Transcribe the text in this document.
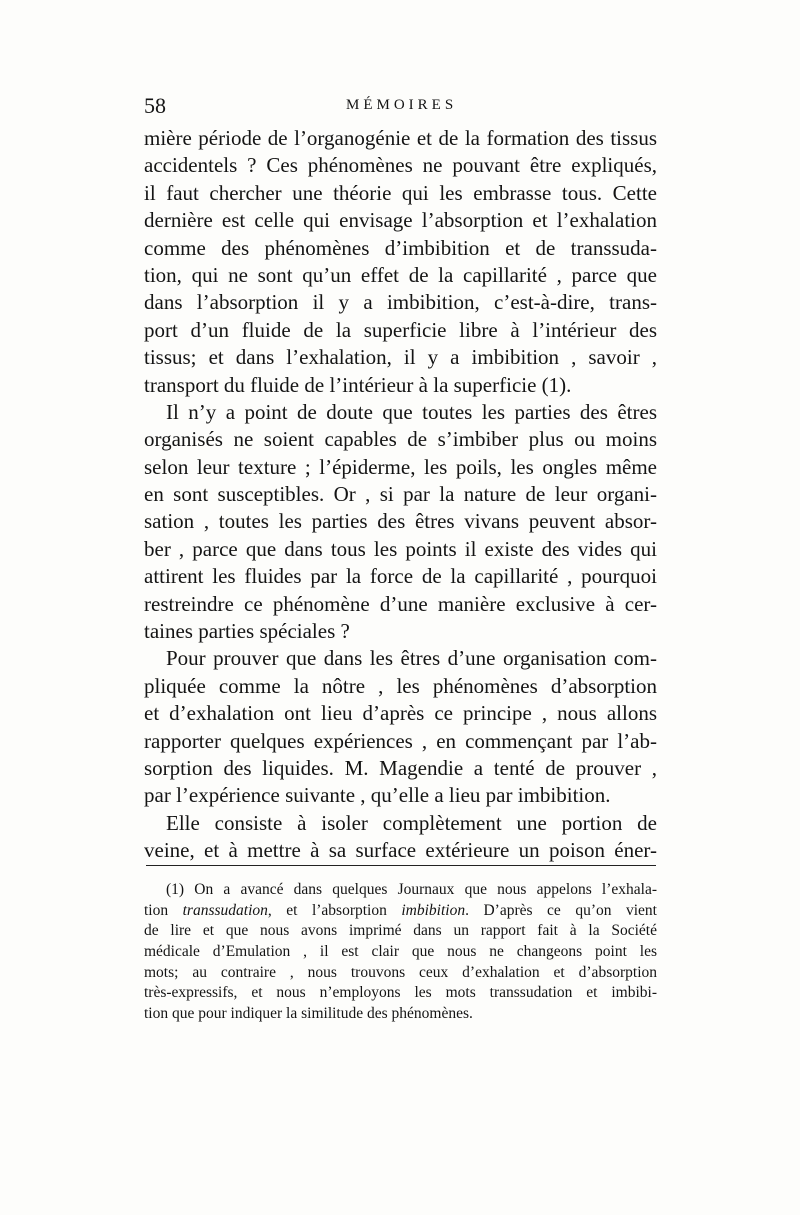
58	MÉMOIRES
mière période de l’organogénie et de la formation des tissus
accidentels ? Ces phénomènes ne pouvant être expliqués,
il faut chercher une théorie qui les embrasse tous. Cette
dernière est celle qui envisage l’absorption et l’exhalation
comme des phénomènes d’imbibition et de transsuda-
tion, qui ne sont qu’un effet de la capillarité , parce que
dans l’absorption il y a imbibition, c’est-à-dire, trans-
port d’un fluide de la superficie libre à l’intérieur des
tissus; et dans l’exhalation, il y a imbibition , savoir ,
transport du fluide de l’intérieur à la superficie (1).
Il n’y a point de doute que toutes les parties des êtres
organisés ne soient capables de s’imbiber plus ou moins
selon leur texture ; l’épiderme, les poils, les ongles même
en sont susceptibles. Or , si par la nature de leur organi-
sation , toutes les parties des êtres vivans peuvent absor-
ber , parce que dans tous les points il existe des vides qui
attirent les fluides par la force de la capillarité , pourquoi
restreindre ce phénomène d’une manière exclusive à cer-
taines parties spéciales ?
Pour prouver que dans les êtres d’une organisation com-
pliquée comme la nôtre , les phénomènes d’absorption
et d’exhalation ont lieu d’après ce principe , nous allons
rapporter quelques expériences , en commençant par l’ab-
sorption des liquides. M. Magendie a tenté de prouver ,
par l’expérience suivante , qu’elle a lieu par imbibition.
Elle consiste à isoler complètement une portion de
veine, et à mettre à sa surface extérieure un poison éner-
(1) On a avancé dans quelques Journaux que nous appelons l’exhala-
tion transsudation, et l’absorption imbibition. D’après ce qu’on vient
de lire et que nous avons imprimé dans un rapport fait à la Société
médicale d’Emulation , il est clair que nous ne changeons point les
mots; au contraire , nous trouvons ceux d’exhalation et d’absorption
très-expressifs, et nous n’employons les mots transsudation et imbibi-
tion que pour indiquer la similitude des phénomènes.
